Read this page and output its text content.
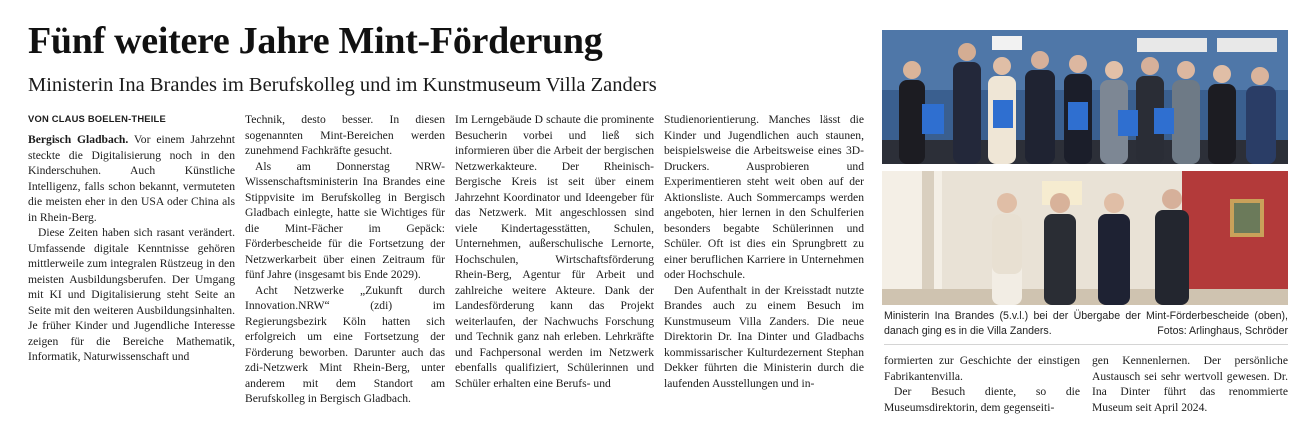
Fünf weitere Jahre Mint-Förderung
Ministerin Ina Brandes im Berufskolleg und im Kunstmuseum Villa Zanders

VON CLAUS BOELEN-THEILE

Bergisch Gladbach. Vor einem Jahrzehnt steckte die Digitalisierung noch in den Kinderschuhen. Auch Künstliche Intelligenz, falls schon bekannt, vermuteten die meisten eher in den USA oder China als in Rhein-Berg.

Diese Zeiten haben sich rasant verändert. Umfassende digitale Kenntnisse gehören mittlerweile zum integralen Rüstzeug in den meisten Ausbildungsberufen. Der Umgang mit KI und Digitalisierung steht Seite an Seite mit den weiteren Ausbildungsinhalten. Je früher Kinder und Jugendliche Interesse zeigen für die Bereiche Mathematik, Informatik, Naturwissenschaft und

Technik, desto besser. In diesen sogenannten Mint-Bereichen werden zunehmend Fachkräfte gesucht.

Als am Donnerstag NRW-Wissenschaftsministerin Ina Brandes eine Stippvisite im Berufskolleg in Bergisch Gladbach einlegte, hatte sie Wichtiges für die Mint-Fächer im Gepäck: Förderbescheide für die Fortsetzung der Netzwerkarbeit über einen Zeitraum für fünf Jahre (insgesamt bis Ende 2029).

Acht Netzwerke „Zukunft durch Innovation.NRW“ (zdi) im Regierungsbezirk Köln hatten sich erfolgreich um eine Fortsetzung der Förderung beworben. Darunter auch das zdi-Netzwerk Mint Rhein-Berg, unter anderem mit dem Standort am Berufskolleg in Bergisch Gladbach.

Im Lerngebäude D schaute die prominente Besucherin vorbei und ließ sich informieren über die Arbeit der bergischen Netzwerkakteure. Der Rheinisch-Bergische Kreis ist seit über einem Jahrzehnt Koordinator und Ideengeber für das Netzwerk. Mit angeschlossen sind viele Kindertagesstätten, Schulen, Unternehmen, außerschulische Lernorte, Hochschulen, Wirtschaftsförderung Rhein-Berg, Agentur für Arbeit und zahlreiche weitere Akteure. Dank der Landesförderung kann das Projekt weiterlaufen, der Nachwuchs Forschung und Technik ganz nah erleben. Lehrkräfte und Fachpersonal werden im Netzwerk ebenfalls qualifiziert, Schülerinnen und Schüler erhalten eine Berufs- und

Studienorientierung. Manches lässt die Kinder und Jugendlichen auch staunen, beispielsweise die Arbeitsweise eines 3D-Druckers. Ausprobieren und Experimentieren steht weit oben auf der Aktionsliste. Auch Sommercamps werden angeboten, hier lernen in den Schulferien besonders begabte Schülerinnen und Schüler. Oft ist dies ein Sprungbrett zu einer beruflichen Karriere in Unternehmen oder Hochschule.

Den Aufenthalt in der Kreisstadt nutzte Brandes auch zu einem Besuch im Kunstmuseum Villa Zanders. Die neue Direktorin Dr. Ina Dinter und Gladbachs kommissarischer Kulturdezernent Stephan Dekker führten die Ministerin durch die laufenden Ausstellungen und in-

Ministerin Ina Brandes (5.v.l.) bei der Übergabe der Mint-Förderbescheide (oben), danach ging es in die Villa Zanders.	Fotos: Arlinghaus, Schröder

formierten zur Geschichte der einstigen Fabrikantenvilla.

Der Besuch diente, so die Museumsdirektorin, dem gegenseiti-

gen Kennenlernen. Der persönliche Austausch sei sehr wertvoll gewesen. Dr. Ina Dinter führt das renommierte Museum seit April 2024.
